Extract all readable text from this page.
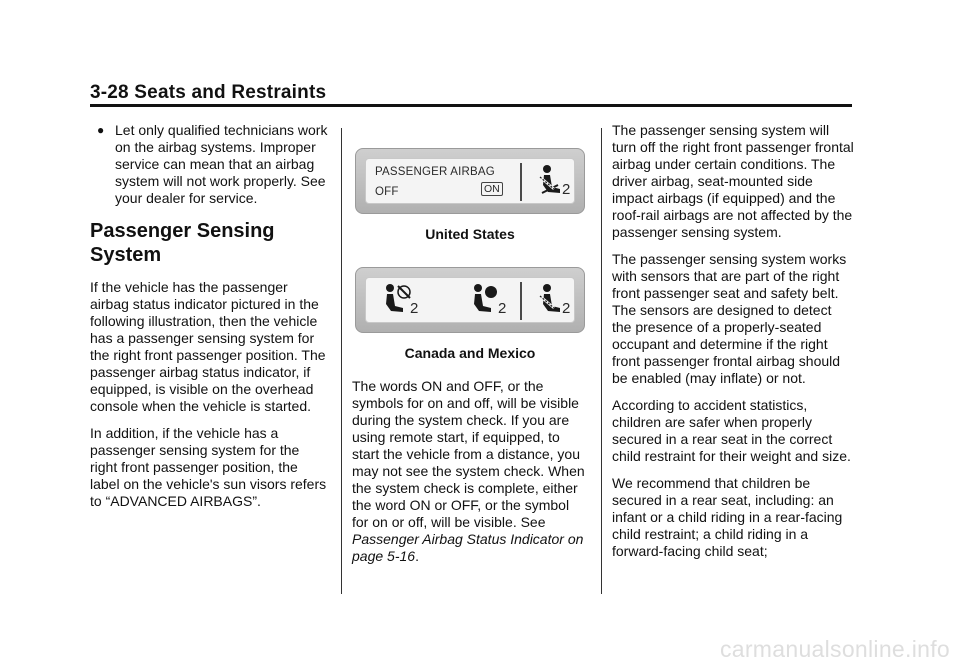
3-28 Seats and Restraints
● Let only qualified technicians work on the airbag systems. Improper service can mean that an airbag system will not work properly. See your dealer for service.
Passenger Sensing
System

If the vehicle has the passenger airbag status indicator pictured in the following illustration, then the vehicle has a passenger sensing system for the right front passenger position. The passenger airbag status indicator, if equipped, is visible on the overhead console when the vehicle is started.

In addition, if the vehicle has a passenger sensing system for the right front passenger position, the label on the vehicle's sun visors refers to “ADVANCED AIRBAGS”.

PASSENGER AIRBAG
OFF	ON	2
United States
2	2	2
Canada and Mexico

The words ON and OFF, or the symbols for on and off, will be visible during the system check. If you are using remote start, if equipped, to start the vehicle from a distance, you may not see the system check. When the system check is complete, either the word ON or OFF, or the symbol for on or off, will be visible. See Passenger Airbag Status Indicator on page 5-16.

The passenger sensing system will turn off the right front passenger frontal airbag under certain conditions. The driver airbag, seat-mounted side impact airbags (if equipped) and the roof-rail airbags are not affected by the passenger sensing system.

The passenger sensing system works with sensors that are part of the right front passenger seat and safety belt. The sensors are designed to detect the presence of a properly-seated occupant and determine if the right front passenger frontal airbag should be enabled (may inflate) or not.

According to accident statistics, children are safer when properly secured in a rear seat in the correct child restraint for their weight and size.

We recommend that children be secured in a rear seat, including: an infant or a child riding in a rear-facing child restraint; a child riding in a forward-facing child seat;

carmanualsonline.info
